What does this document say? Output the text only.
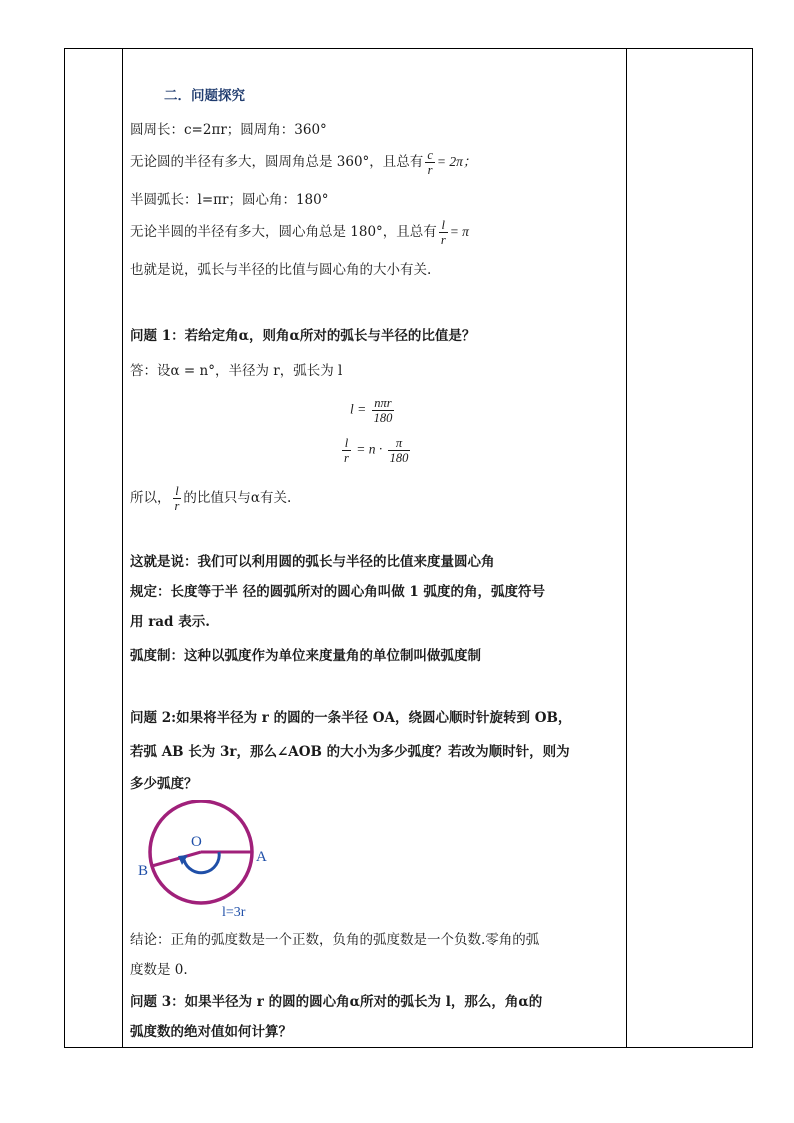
二．问题探究
圆周长：c=2πr；圆周角：360°
无论圆的半径有多大，圆周角总是 360°，且总有 $\frac{c}{r} = 2\pi$；
半圆弧长：l=πr；圆心角：180°
无论半圆的半径有多大，圆心角总是 180°，且总有 $\frac{l}{r} = \pi$
也就是说，弧长与半径的比值与圆心角的大小有关.
问题 1：若给定角α，则角α所对的弧长与半径的比值是？
答：设α = n°，半径为 r，弧长为 l
$l = \frac{\text{nπr}}{180}$
$\frac{l}{r} = n \cdot \frac{\pi}{180}$
所以， $\frac{l}{r}$ 的比值只与α有关.
这就是说：我们可以利用圆的弧长与半径的比值来度量圆心角
规定：长度等于半 径的圆弧所对的圆心角叫做 1 弧度的角，弧度符号
用 rad 表示.
弧度制：这种以弧度作为单位来度量角的单位制叫做弧度制
问题 2:如果将半径为 r 的圆的一条半径 OA，绕圆心顺时针旋转到 OB，
若弧 AB 长为 3r，那么∠AOB 的大小为多少弧度？若改为顺时针，则为
多少弧度？
O
A
B
l=3r
结论：正角的弧度数是一个正数，负角的弧度数是一个负数.零角的弧
度数是 0.
问题 3：如果半径为 r 的圆的圆心角α所对的弧长为 l，那么，角α的
弧度数的绝对值如何计算？
